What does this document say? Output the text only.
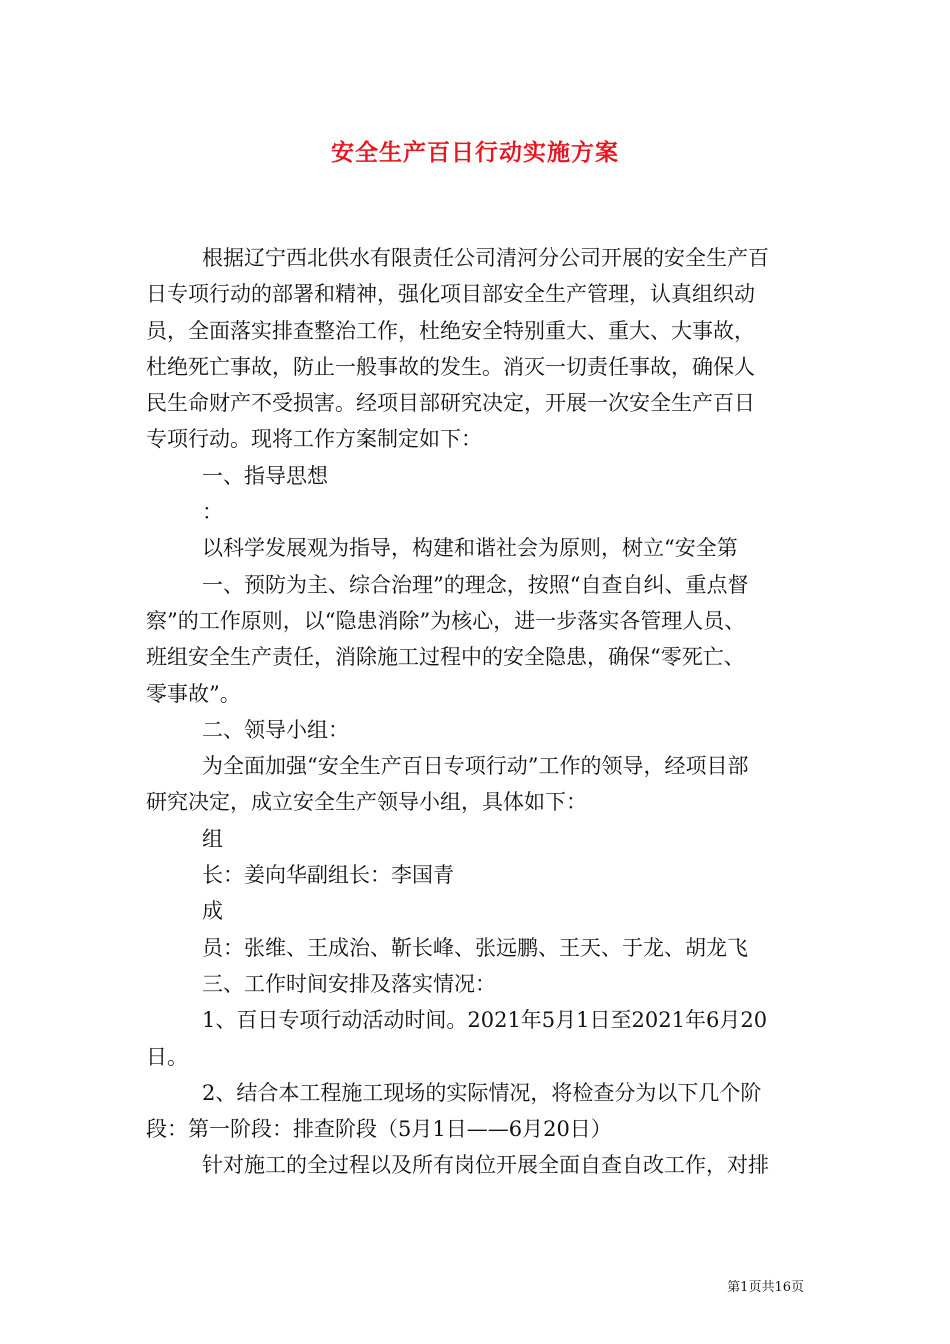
安全生产百日行动实施方案
根据辽宁西北供水有限责任公司清河分公司开展的安全生产百
日专项行动的部署和精神，强化项目部安全生产管理，认真组织动
员，全面落实排查整治工作，杜绝安全特别重大、重大、大事故，
杜绝死亡事故，防止一般事故的发生。消灭一切责任事故，确保人
民生命财产不受损害。经项目部研究决定，开展一次安全生产百日
专项行动。现将工作方案制定如下：
一、指导思想
：
以科学发展观为指导，构建和谐社会为原则，树立“安全第
一、预防为主、综合治理”的理念，按照“自查自纠、重点督
察”的工作原则，以“隐患消除”为核心，进一步落实各管理人员、
班组安全生产责任，消除施工过程中的安全隐患，确保“零死亡、
零事故”。
二、领导小组：
为全面加强“安全生产百日专项行动”工作的领导，经项目部
研究决定，成立安全生产领导小组，具体如下：
组
长：姜向华副组长：李国青
成
员：张维、王成治、靳长峰、张远鹏、王天、于龙、胡龙飞
三、工作时间安排及落实情况：
1、百日专项行动活动时间。2021年5月1日至2021年6月20
日。
2、结合本工程施工现场的实际情况，将检查分为以下几个阶
段：第一阶段：排查阶段（5月1日——6月20日）
针对施工的全过程以及所有岗位开展全面自查自改工作，对排
第1页共16页
